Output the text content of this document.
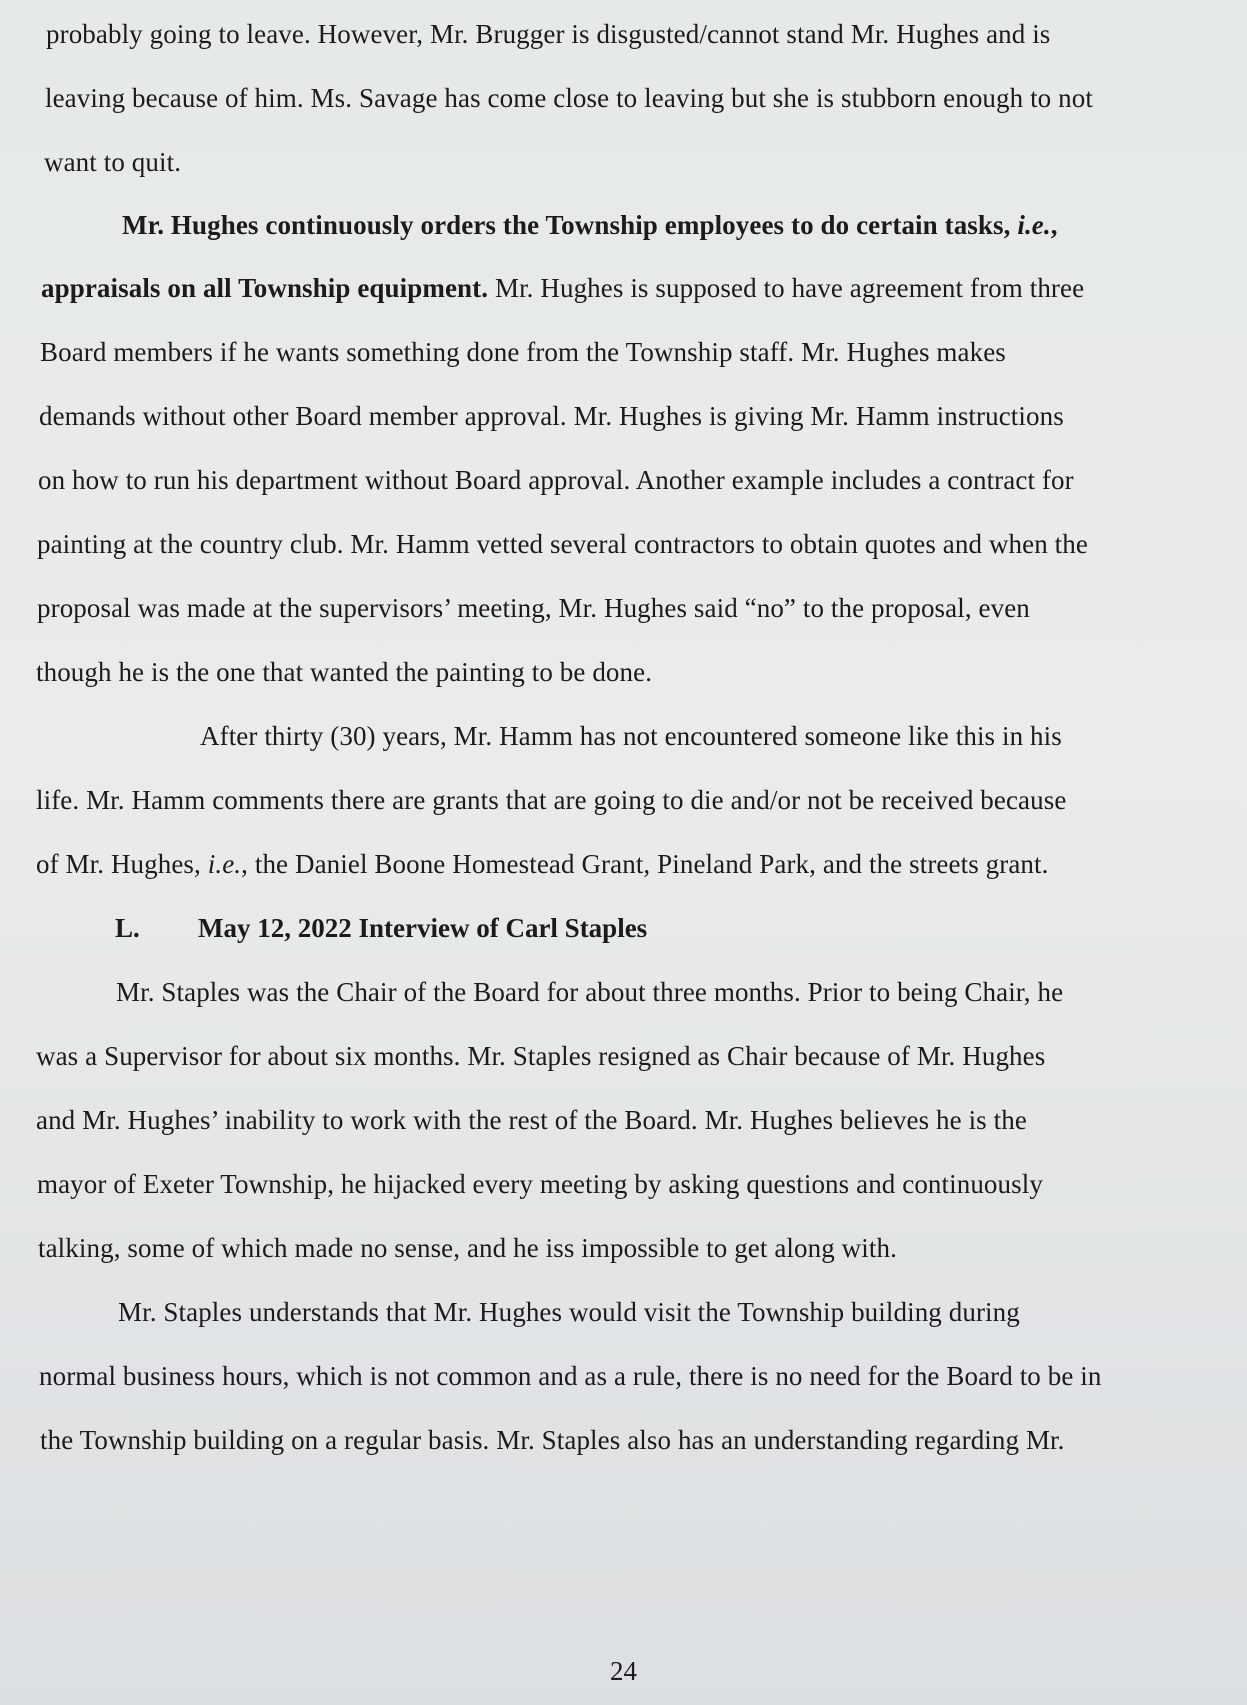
probably going to leave. However, Mr. Brugger is disgusted/cannot stand Mr. Hughes and is
leaving because of him. Ms. Savage has come close to leaving but she is stubborn enough to not
want to quit.
Mr. Hughes continuously orders the Township employees to do certain tasks, i.e.,
appraisals on all Township equipment. Mr. Hughes is supposed to have agreement from three
Board members if he wants something done from the Township staff. Mr. Hughes makes
demands without other Board member approval. Mr. Hughes is giving Mr. Hamm instructions
on how to run his department without Board approval. Another example includes a contract for
painting at the country club. Mr. Hamm vetted several contractors to obtain quotes and when the
proposal was made at the supervisors’ meeting, Mr. Hughes said “no” to the proposal, even
though he is the one that wanted the painting to be done.
After thirty (30) years, Mr. Hamm has not encountered someone like this in his
life. Mr. Hamm comments there are grants that are going to die and/or not be received because
of Mr. Hughes, i.e., the Daniel Boone Homestead Grant, Pineland Park, and the streets grant.
L. May 12, 2022 Interview of Carl Staples
Mr. Staples was the Chair of the Board for about three months. Prior to being Chair, he
was a Supervisor for about six months. Mr. Staples resigned as Chair because of Mr. Hughes
and Mr. Hughes’ inability to work with the rest of the Board. Mr. Hughes believes he is the
mayor of Exeter Township, he hijacked every meeting by asking questions and continuously
talking, some of which made no sense, and he iss impossible to get along with.
Mr. Staples understands that Mr. Hughes would visit the Township building during
normal business hours, which is not common and as a rule, there is no need for the Board to be in
the Township building on a regular basis. Mr. Staples also has an understanding regarding Mr.
24
